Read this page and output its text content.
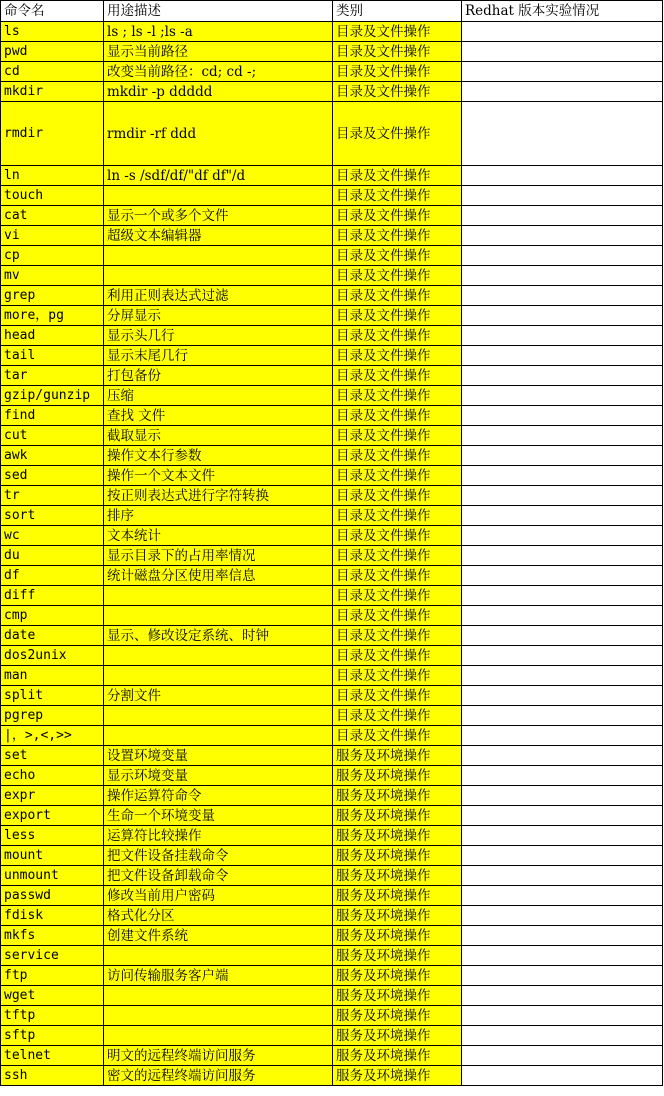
命令名	用途描述	类别	Redhat 版本实验情况
ls	ls ; ls -l ;ls -a	目录及文件操作	
pwd	显示当前路径	目录及文件操作	
cd	改变当前路径：cd; cd -;	目录及文件操作	
mkdir	mkdir -p ddddd	目录及文件操作	
rmdir	rmdir -rf ddd	目录及文件操作	
ln	ln -s /sdf/df/"df df"/d	目录及文件操作	
touch		目录及文件操作	
cat	显示一个或多个文件	目录及文件操作	
vi	超级文本编辑器	目录及文件操作	
cp		目录及文件操作	
mv		目录及文件操作	
grep	利用正则表达式过滤	目录及文件操作	
more，pg	分屏显示	目录及文件操作	
head	显示头几行	目录及文件操作	
tail	显示末尾几行	目录及文件操作	
tar	打包备份	目录及文件操作	
gzip/gunzip	压缩	目录及文件操作	
find	查找 文件	目录及文件操作	
cut	截取显示	目录及文件操作	
awk	操作文本行参数	目录及文件操作	
sed	操作一个文本文件	目录及文件操作	
tr	按正则表达式进行字符转换	目录及文件操作	
sort	排序	目录及文件操作	
wc	文本统计	目录及文件操作	
du	显示目录下的占用率情况	目录及文件操作	
df	统计磁盘分区使用率信息	目录及文件操作	
diff		目录及文件操作	
cmp		目录及文件操作	
date	显示、修改设定系统、时钟	目录及文件操作	
dos2unix		目录及文件操作	
man		目录及文件操作	
split	分割文件	目录及文件操作	
pgrep		目录及文件操作	
|，>,<,>>		目录及文件操作	
set	设置环境变量	服务及环境操作	
echo	显示环境变量	服务及环境操作	
expr	操作运算符命令	服务及环境操作	
export	生命一个环境变量	服务及环境操作	
less	运算符比较操作	服务及环境操作	
mount	把文件设备挂载命令	服务及环境操作	
unmount	把文件设备卸载命令	服务及环境操作	
passwd	修改当前用户密码	服务及环境操作	
fdisk	格式化分区	服务及环境操作	
mkfs	创建文件系统	服务及环境操作	
service		服务及环境操作	
ftp	访问传输服务客户端	服务及环境操作	
wget		服务及环境操作	
tftp		服务及环境操作	
sftp		服务及环境操作	
telnet	明文的远程终端访问服务	服务及环境操作	
ssh	密文的远程终端访问服务	服务及环境操作	
